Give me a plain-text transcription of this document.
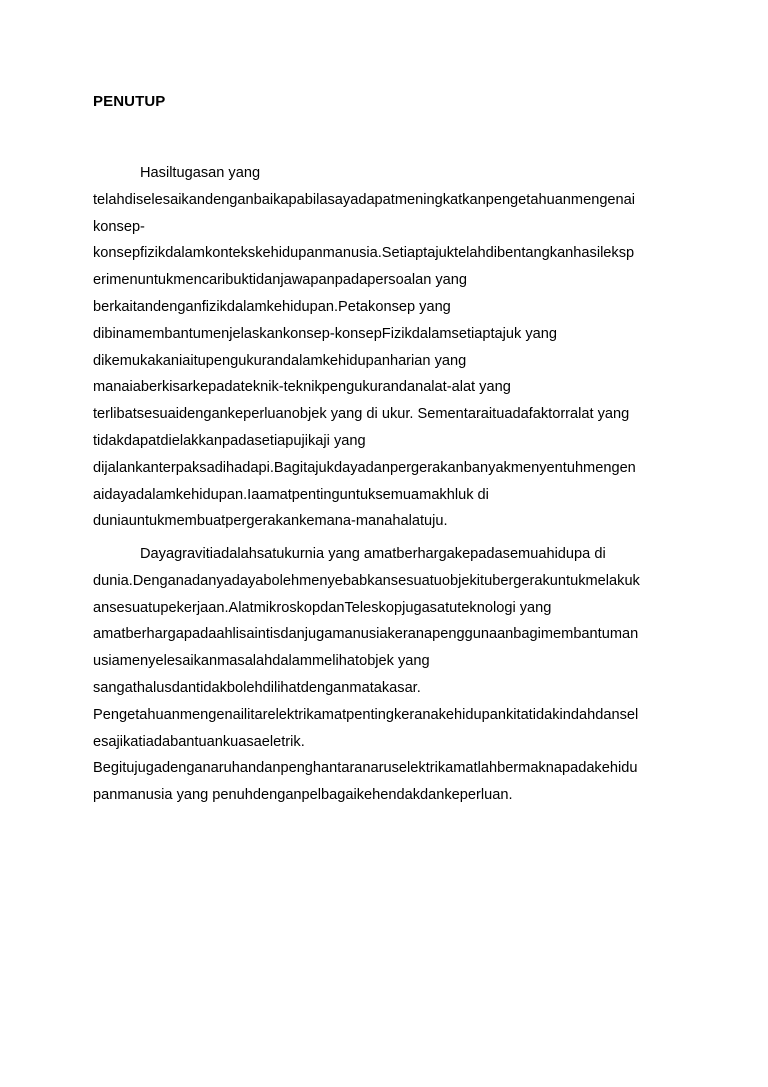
PENUTUP
Hasiltugasan yang
telahdiselesaikandenganbaikapabilasayadapatmeningkatkanpengetahuanmengenai
konsep-
konsepfizikdalamkontekskehidupanmanusia.Setiaptajuktelahdibentangkanhasileksp
erimenuntukmencaribuktidanjawapanpadapersoalan yang
berkaitandenganfizikdalamkehidupan.Petakonsep yang
dibinamembantumenjelaskankonsep-konsepFizikdalamsetiaptajuk yang
dikemukakaniaitupengukurandalamkehidupanharian yang
manaiaberkisarkepadateknik-teknikpengukurandanalat-alat yang
terlibatsesuaidengankeperluanobjek yang di ukur. Sementaraituadafaktorralat yang
tidakdapatdielakkanpadasetiapujikaji yang
dijalankanterpaksadihadapi.Bagitajukdayadanpergerakanbanyakmenyentuhmengen
aidayadalamkehidupan.Iaamatpentinguntuksemuamakhluk di
duniauntukmembuatpergerakankemana-manahalatuju.
Dayagravitiadalahsatukurnia yang amatberhargakepadasemuahidupa di
dunia.Denganadanyadayabolehmenyebabkansesuatuobjekitubergerakuntukmelakuk
ansesuatupekerjaan.AlatmikroskopdanTeleskopjugasatuteknologi yang
amatberhargapadaahlisaintisdanjugamanusiakeranapenggunaanbagimembantuman
usiamenyelesaikanmasalahdalammelihatobjek yang
sangathalusdantidakbolehdilihatdenganmatakasar.
Pengetahuanmengenailitarelektrikamatpentingkeranakehidupankitatidakindahdansel
esajikatiadabantuankuasaeletrik.
Begitujugadenganaruhandanpenghantaranaruselektrikamatlahbermaknapadakehidu
panmanusia yang penuhdenganpelbagaikehendakdankeperluan.
